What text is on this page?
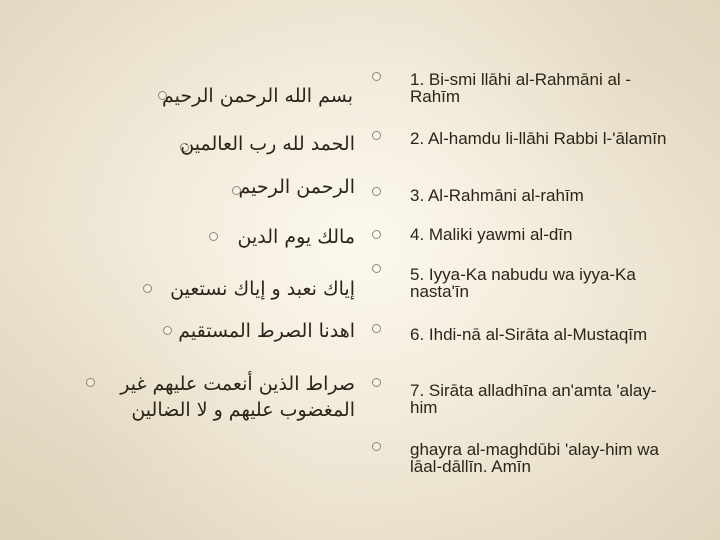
بسم الله الرحمن الرحيم
الحمد لله رب العالمين
الرحمن الرحيم
مالك يوم الدين
إياك نعبد و إياك نستعين
اهدنا الصرط المستقيم
صراط الذين أنعمت عليهم غير
المغضوب عليهم و لا الضالين
1. Bi-smi llāhi al-Rahmāni al -Rahīm
2. Al-hamdu li-llāhi Rabbi l-'ālamīn
3. Al-Rahmāni al-rahīm
4. Maliki yawmi al-dīn
5. Iyya-Ka nabudu wa iyya-Ka nasta'īn
6. Ihdi-nā al-Sirāta al-Mustaqīm
7. Sirāta alladhīna an'amta 'alay-him
ghayra al-maghdūbi 'alay-him wa lāal-dāllīn. Amīn
